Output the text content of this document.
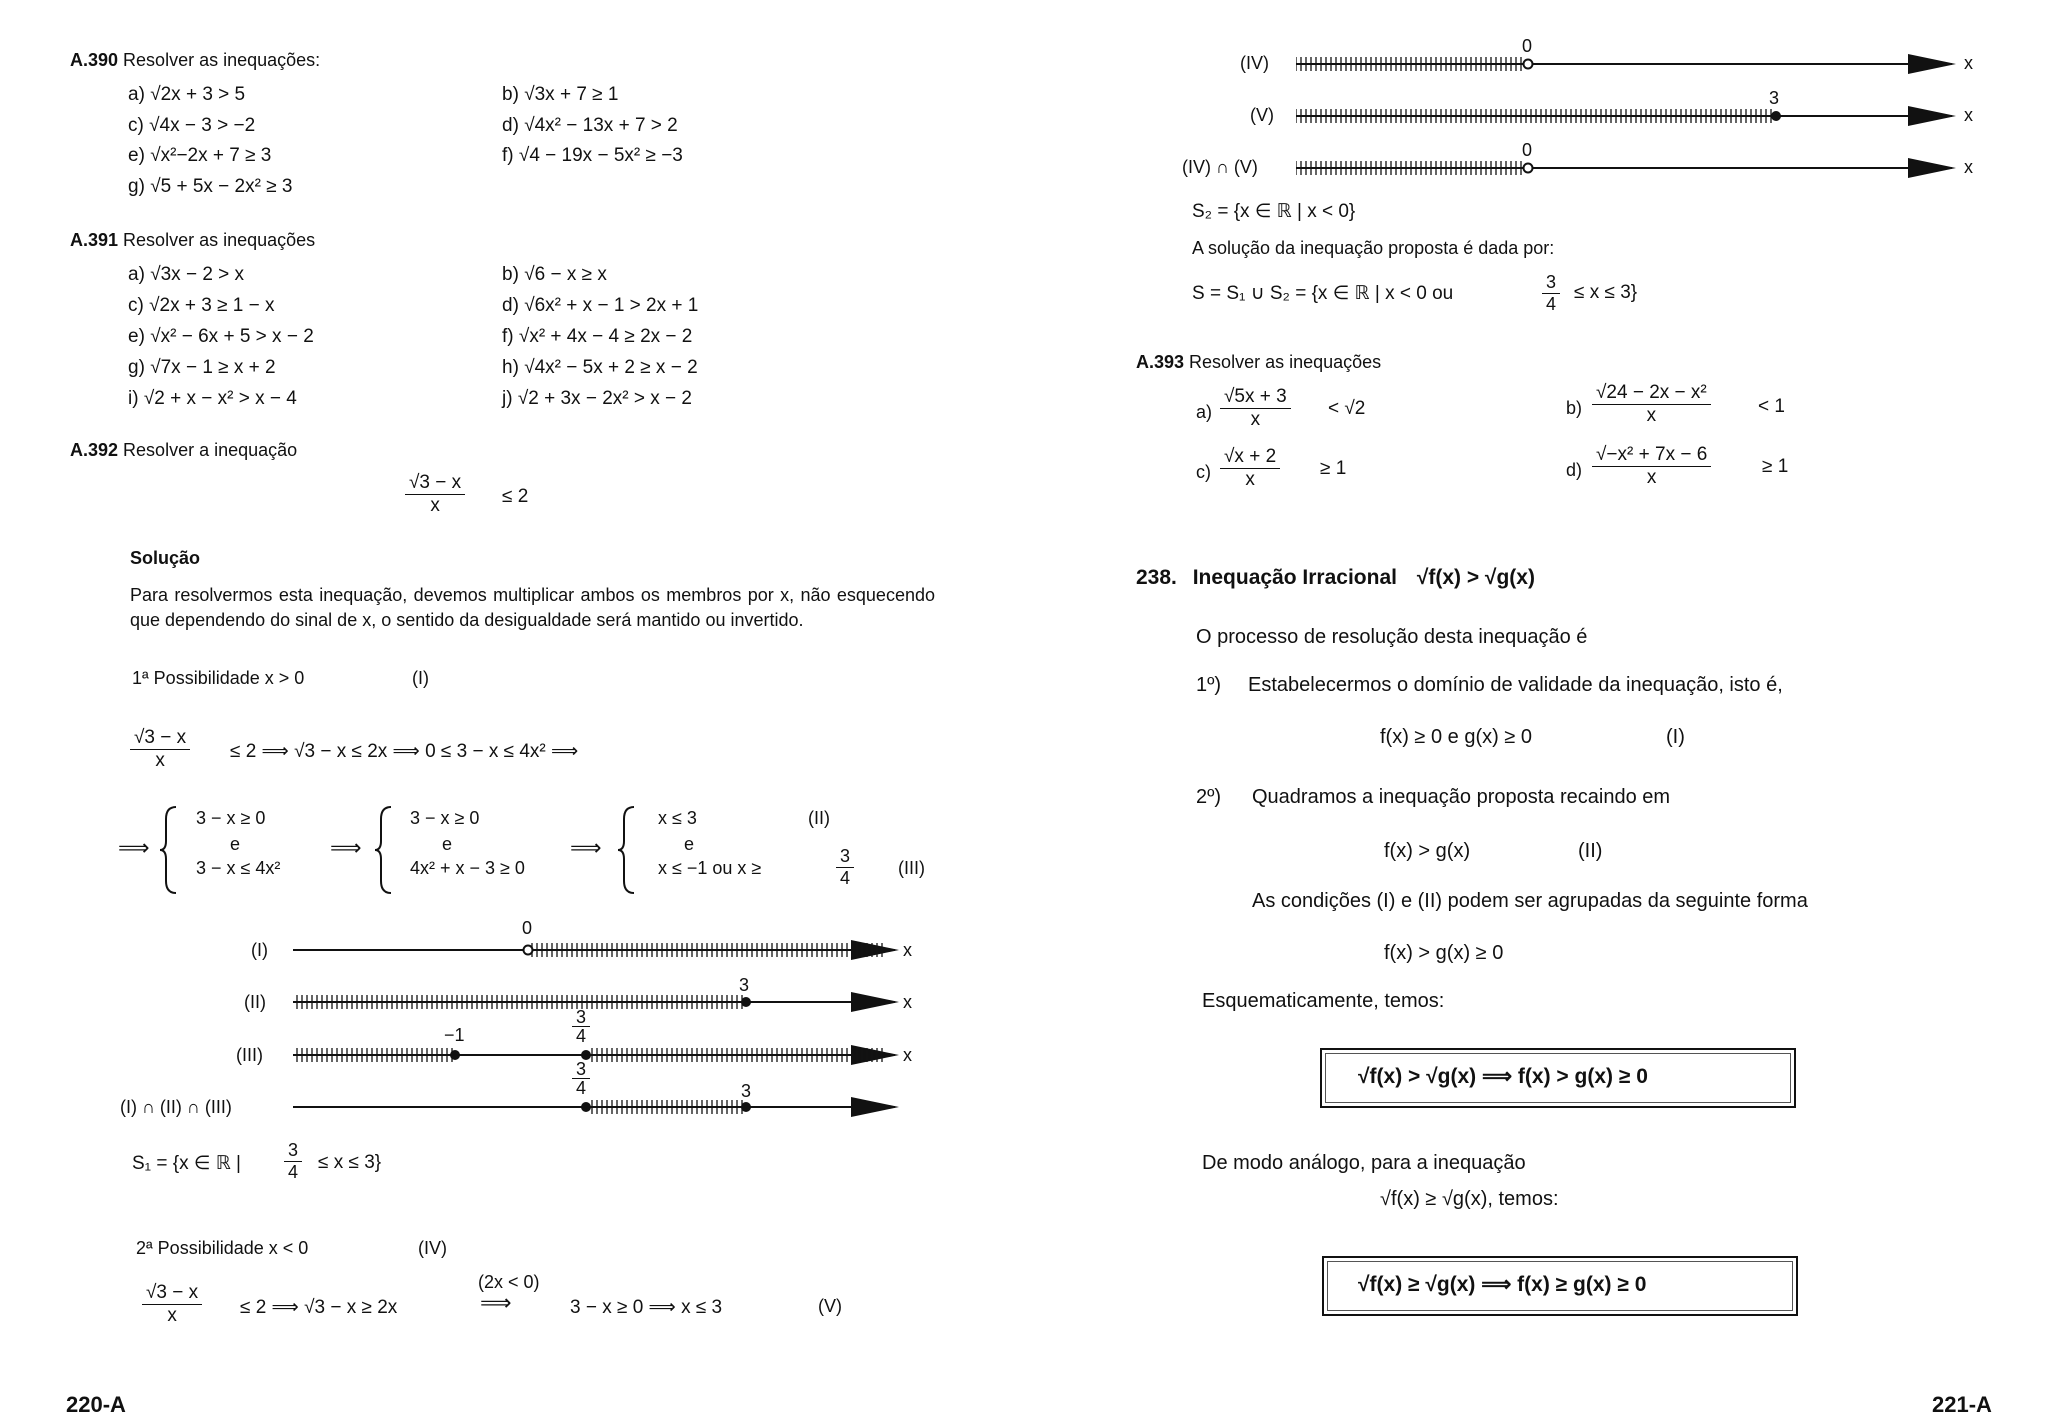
A.390 Resolver as inequações:
a) √2x + 3 > 5	b) √3x + 7 ≥ 1
c) √4x − 3 > −2	d) √4x² − 13x + 7 > 2
e) √x²−2x + 7 ≥ 3	f) √4 − 19x − 5x² ≥ −3
g) √5 + 5x − 2x² ≥ 3
A.391 Resolver as inequações
a) √3x − 2 > x	b) √6 − x ≥ x
c) √2x + 3 ≥ 1 − x	d) √6x² + x − 1 > 2x + 1
e) √x² − 6x + 5 > x − 2	f) √x² + 4x − 4 ≥ 2x − 2
g) √7x − 1 ≥ x + 2	h) √4x² − 5x + 2 ≥ x − 2
i) √2 + x − x² > x − 4	j) √2 + 3x − 2x² > x − 2
A.392 Resolver a inequação
$\frac{√3 - x}{x} \le 2$
Solução
Para resolvermos esta inequação, devemos multiplicar ambos os membros por x, não esquecendo que dependendo do sinal de x, o sentido da desigualdade será mantido ou invertido.
1ª Possibilidade x > 0	(I)
$\frac{√3 - x}{x} \le 2$ ⟹ √3 − x ≤ 2x ⟹ 0 ≤ 3 − x ≤ 4x² ⟹
⟹
3 − x ≥ 0
e
3 − x ≤ 4x²
⟹
3 − x ≥ 0
e
4x² + x − 3 ≥ 0
⟹
x ≤ 3
e
x ≤ −1 ou x ≥	$\frac{3}{4}$
(II)
(III)
(I)
(II)
(III)
(I) ∩ (II) ∩ (III)
0
3
−1	$\frac{3}{4}$
$\frac{3}{4}$	3
x
x
x
S₁ = {x ∈ ℝ | $\frac{3}{4} \le x \le 3$}
2ª Possibilidade x < 0	(IV)
$\frac{√3 - x}{x} \le 2$ ⟹ √3 − x ≥ 2x
(2x < 0)
⟹	3 − x ≥ 0 ⟹ x ≤ 3	(V)
220-A
(IV)
(V)
(IV) ∩ (V)
0
3
0
x
x
x
S₂ = {x ∈ ℝ | x < 0}
A solução da inequação proposta é dada por:
S = S₁ ∪ S₂ = {x ∈ ℝ | x < 0 ou	$\frac{3}{4} \le x \le 3$}
A.393 Resolver as inequações
$a) \frac{√5x + 3}{x} < √2$	$b) \frac{\text{√24 − 2x − x²}}{x} < 1$
$c) \frac{√x + 2}{x} \ge 1$	$d) \frac{\text{√−x² + 7x − 6}}{x}$	≥ 1
238. Inequação Irracional √f(x) > √g(x)
O processo de resolução desta inequação é
1º) Estabelecermos o domínio de validade da inequação, isto é,
f(x) ≥ 0 e g(x) ≥ 0	(I)
2º) Quadramos a inequação proposta recaindo em
f(x) > g(x)	(II)
As condições (I) e (II) podem ser agrupadas da seguinte forma
f(x) > g(x) ≥ 0
Esquematicamente, temos:
√f(x) > √g(x) ⟹ f(x) > g(x) ≥ 0
De modo análogo, para a inequação
√f(x) ≥ √g(x), temos:
√f(x) ≥ √g(x) ⟹ f(x) ≥ g(x) ≥ 0
221-A
